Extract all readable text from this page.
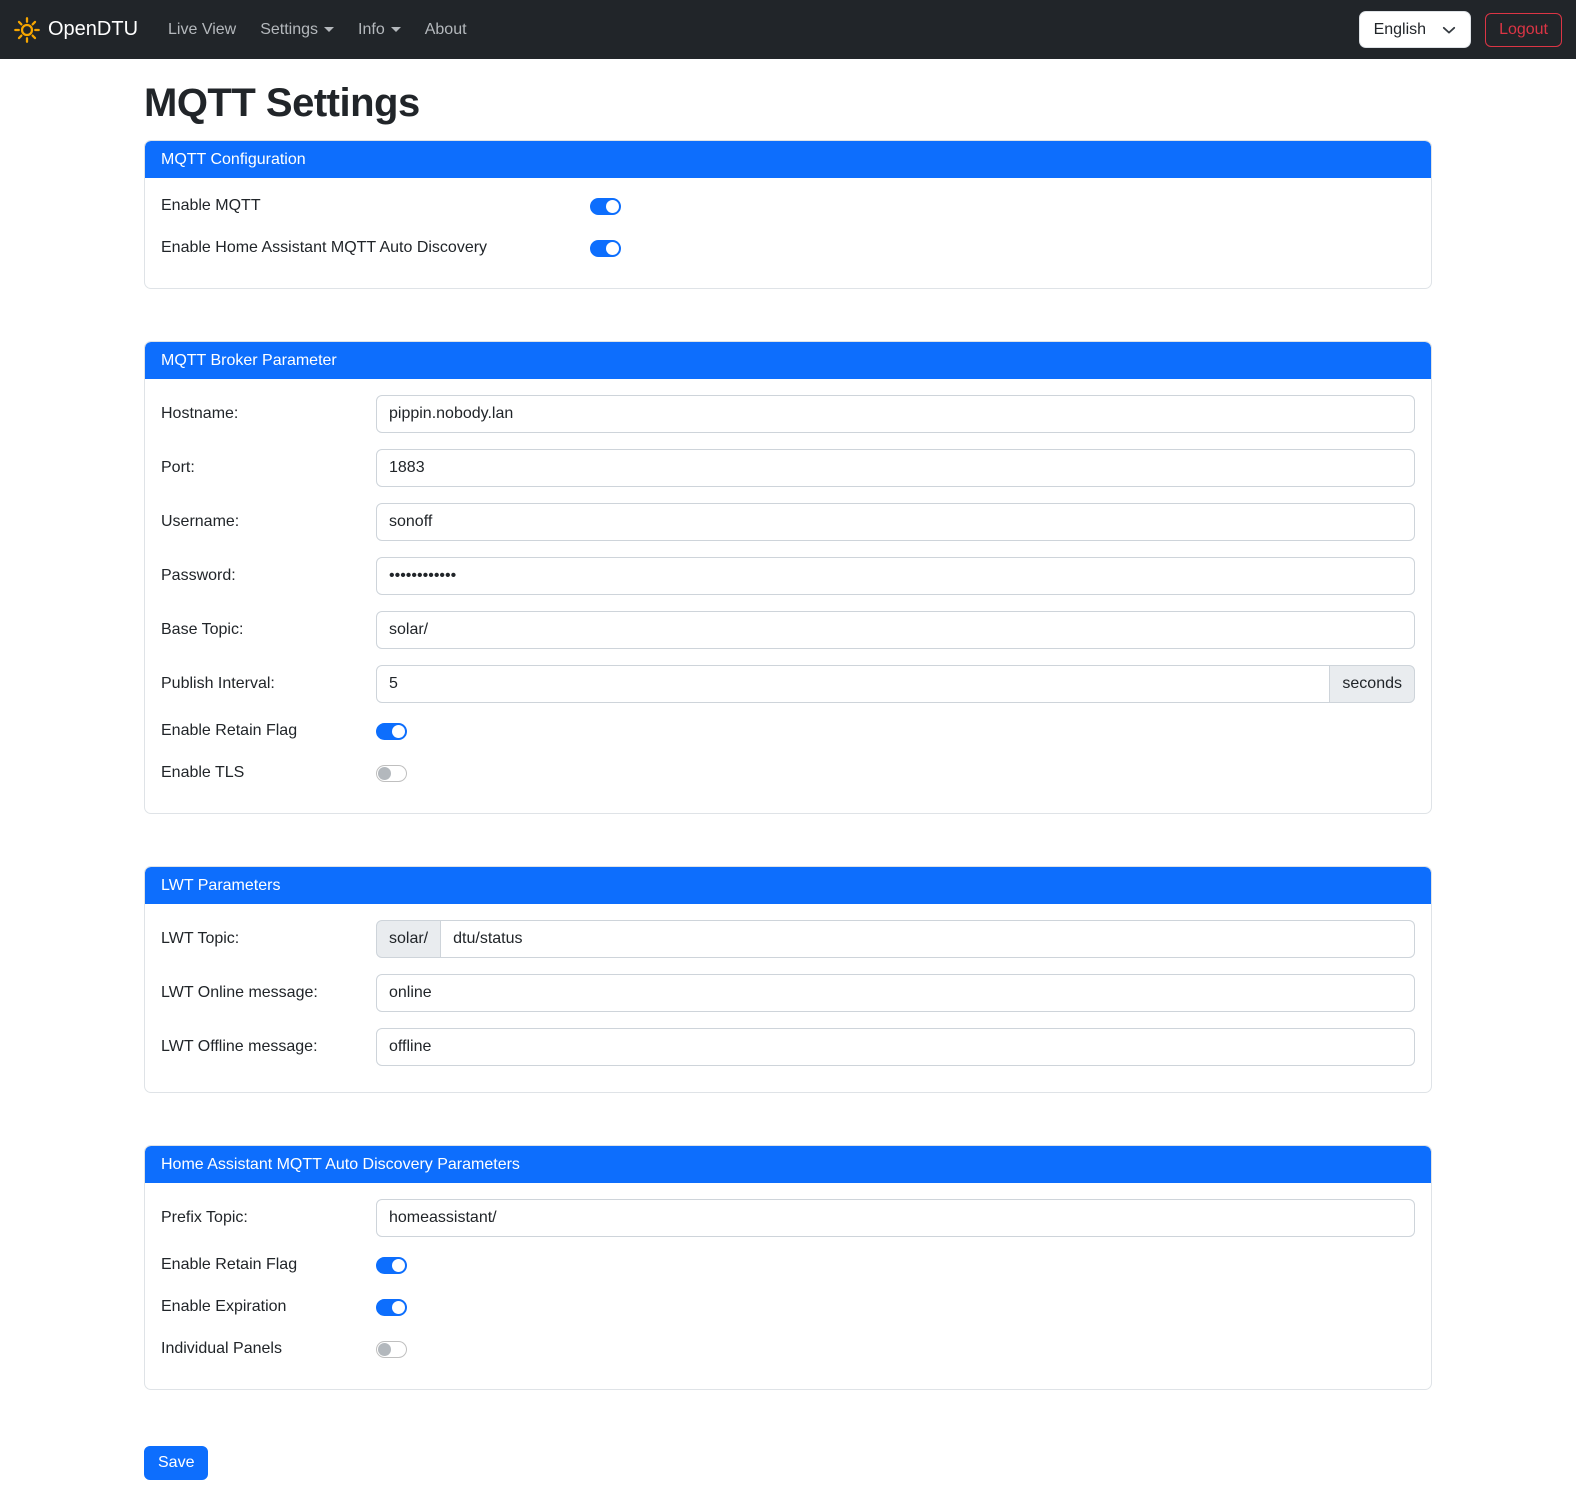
OpenDTU Live View Settings	Info	About	English	Logout
MQTT Settings
MQTT Configuration
Enable MQTT
Enable Home Assistant MQTT Auto Discovery
MQTT Broker Parameter
Hostname:
pippin.nobody.lan
Port:
1883
Username:
sonoff
Password:
••••••••••••
Base Topic:
solar/
Publish Interval:
5	seconds
Enable Retain Flag
Enable TLS
LWT Parameters
LWT Topic:	solar/
dtu/status
LWT Online message:
online
LWT Offline message:
offline
Home Assistant MQTT Auto Discovery Parameters
Prefix Topic:
homeassistant/
Enable Retain Flag
Enable Expiration
Individual Panels
Save
